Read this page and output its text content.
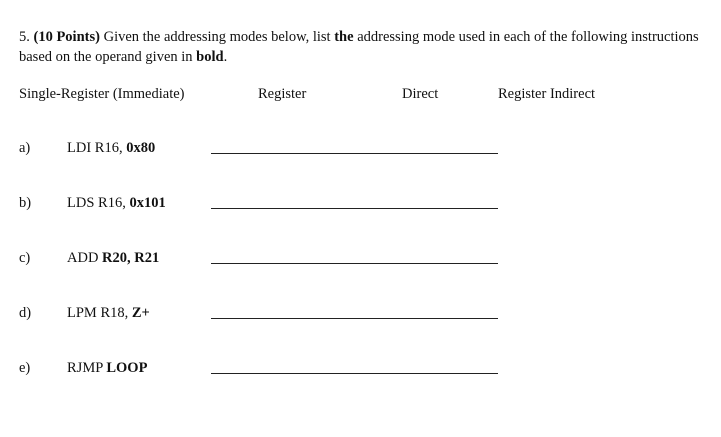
5. (10 Points) Given the addressing modes below, list the addressing mode used in each of the following instructions based on the operand given in bold.

Single-Register (Immediate)	Register	Direct	Register Indirect
a)	LDI R16, 0x80
b) LDS R16, 0x101
c)	ADD R20, R21
d) LPM R18, Z+
e)	RJMP LOOP
